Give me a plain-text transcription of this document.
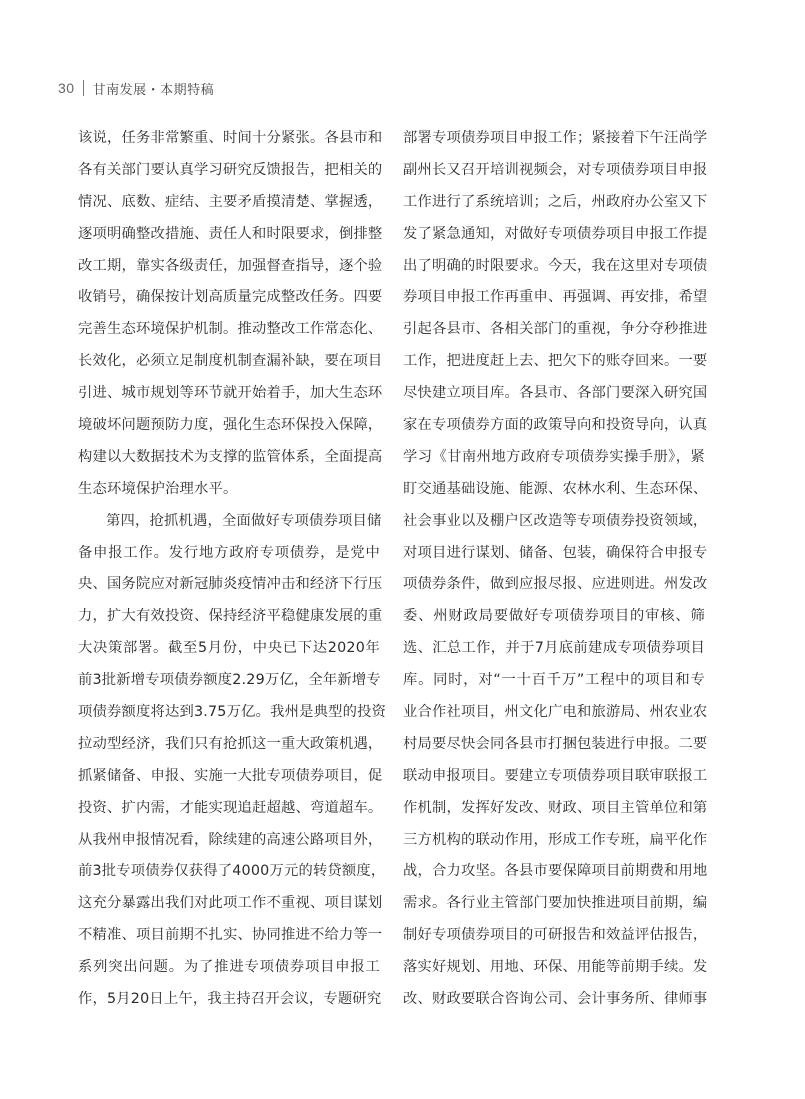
30 甘南发展・本期特稿
该说，任务非常繁重、时间十分紧张。各县市和
各有关部门要认真学习研究反馈报告，把相关的
情况、底数、症结、主要矛盾摸清楚、掌握透，
逐项明确整改措施、责任人和时限要求，倒排整
改工期，靠实各级责任，加强督查指导，逐个验
收销号，确保按计划高质量完成整改任务。四要
完善生态环境保护机制。推动整改工作常态化、
长效化，必须立足制度机制查漏补缺，要在项目
引进、城市规划等环节就开始着手，加大生态环
境破坏问题预防力度，强化生态环保投入保障，
构建以大数据技术为支撑的监管体系，全面提高
生态环境保护治理水平。
第四，抢抓机遇，全面做好专项债券项目储
备申报工作。发行地方政府专项债券，是党中
央、国务院应对新冠肺炎疫情冲击和经济下行压
力，扩大有效投资、保持经济平稳健康发展的重
大决策部署。截至5月份，中央已下达2020年
前3批新增专项债券额度2.29万亿，全年新增专
项债券额度将达到3.75万亿。我州是典型的投资
拉动型经济，我们只有抢抓这一重大政策机遇，
抓紧储备、申报、实施一大批专项债券项目，促
投资、扩内需，才能实现追赶超越、弯道超车。
从我州申报情况看，除续建的高速公路项目外，
前3批专项债券仅获得了4000万元的转贷额度，
这充分暴露出我们对此项工作不重视、项目谋划
不精准、项目前期不扎实、协同推进不给力等一
系列突出问题。为了推进专项债券项目申报工
作，5月20日上午，我主持召开会议，专题研究
部署专项债券项目申报工作；紧接着下午汪尚学
副州长又召开培训视频会，对专项债券项目申报
工作进行了系统培训；之后，州政府办公室又下
发了紧急通知，对做好专项债券项目申报工作提
出了明确的时限要求。今天，我在这里对专项债
券项目申报工作再重申、再强调、再安排，希望
引起各县市、各相关部门的重视，争分夺秒推进
工作，把进度赶上去、把欠下的账夺回来。一要
尽快建立项目库。各县市、各部门要深入研究国
家在专项债券方面的政策导向和投资导向，认真
学习《甘南州地方政府专项债券实操手册》，紧
盯交通基础设施、能源、农林水利、生态环保、
社会事业以及棚户区改造等专项债券投资领域，
对项目进行谋划、储备、包装，确保符合申报专
项债券条件，做到应报尽报、应进则进。州发改
委、州财政局要做好专项债券项目的审核、筛
选、汇总工作，并于7月底前建成专项债券项目
库。同时，对“一十百千万”工程中的项目和专
业合作社项目，州文化广电和旅游局、州农业农
村局要尽快会同各县市打捆包装进行申报。二要
联动申报项目。要建立专项债券项目联审联报工
作机制，发挥好发改、财政、项目主管单位和第
三方机构的联动作用，形成工作专班，扁平化作
战，合力攻坚。各县市要保障项目前期费和用地
需求。各行业主管部门要加快推进项目前期，编
制好专项债券项目的可研报告和效益评估报告，
落实好规划、用地、环保、用能等前期手续。发
改、财政要联合咨询公司、会计事务所、律师事
